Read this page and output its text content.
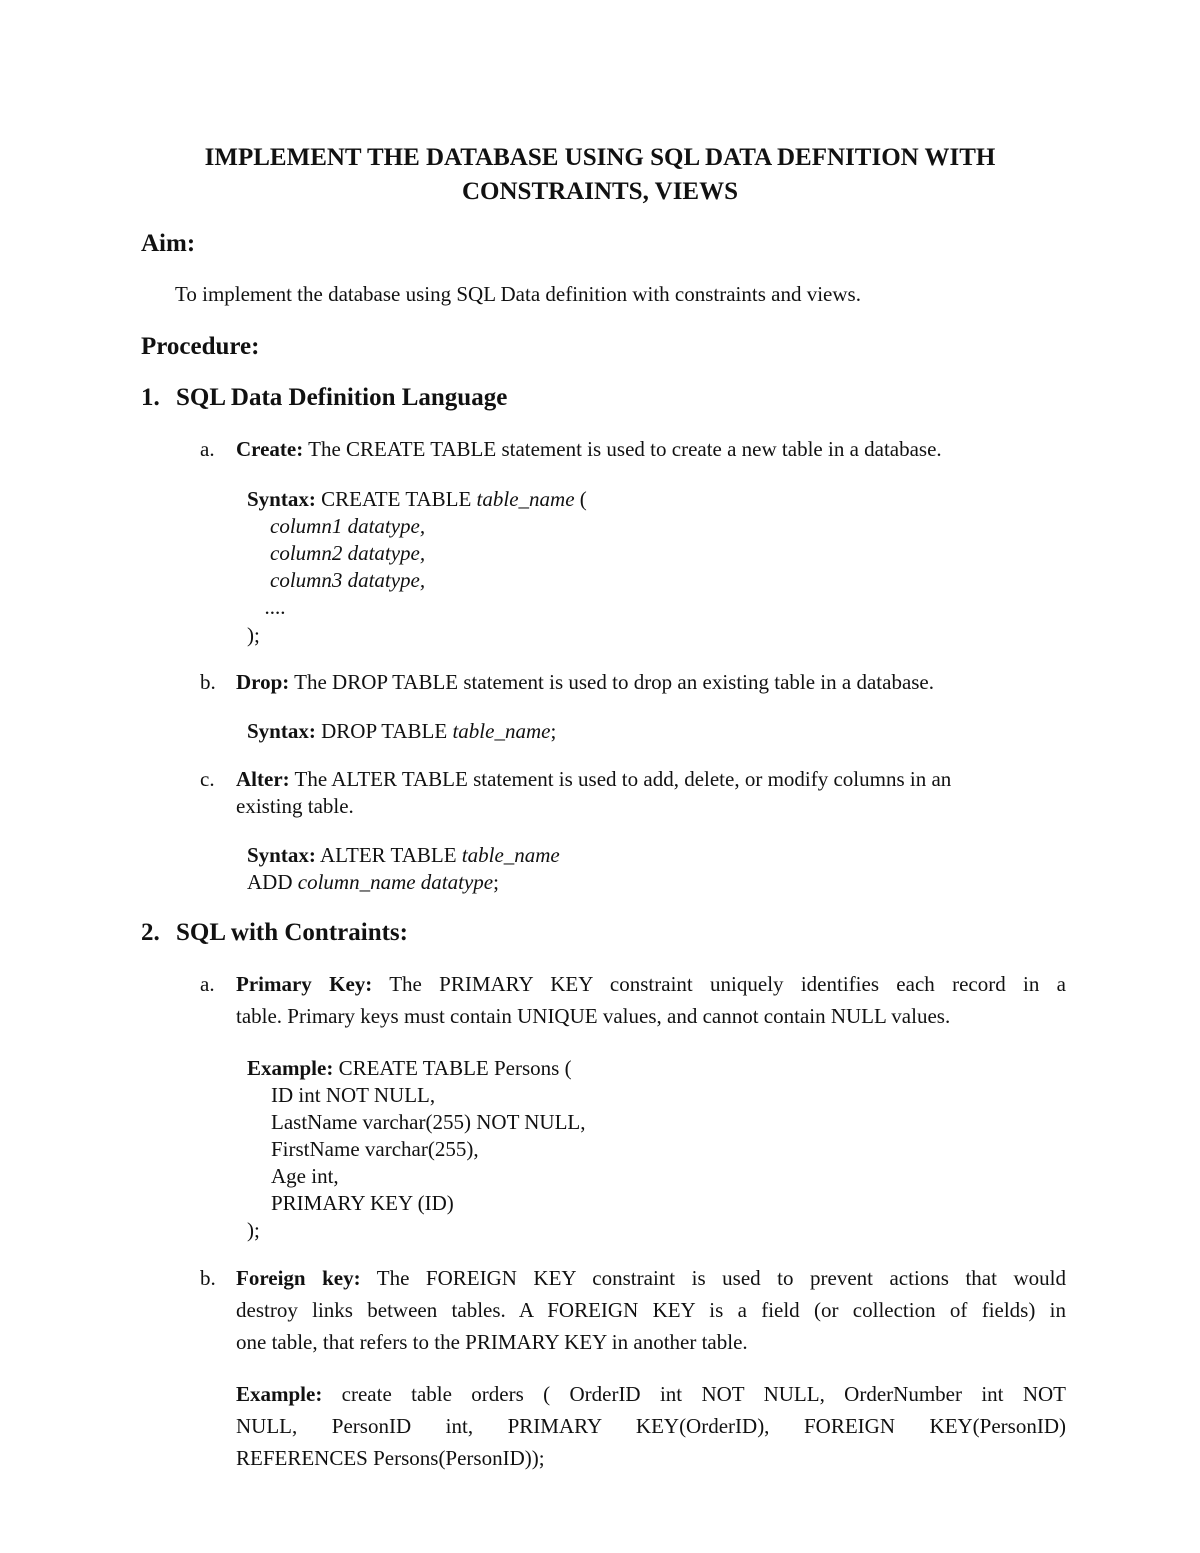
IMPLEMENT THE DATABASE USING SQL DATA DEFNITION WITH
CONSTRAINTS, VIEWS
Aim:
To implement the database using SQL Data definition with constraints and views.
Procedure:
1. SQL Data Definition Language
a. Create: The CREATE TABLE statement is used to create a new table in a database.
Syntax: CREATE TABLE table_name (
column1 datatype,
column2 datatype,
column3 datatype,
....
);
b. Drop: The DROP TABLE statement is used to drop an existing table in a database.
Syntax: DROP TABLE table_name;
c. Alter: The ALTER TABLE statement is used to add, delete, or modify columns in an
existing table.
Syntax: ALTER TABLE table_name
ADD column_name datatype;
2. SQL with Contraints:
a. Primary Key: The PRIMARY KEY constraint uniquely identifies each record in a
table. Primary keys must contain UNIQUE values, and cannot contain NULL values.
Example: CREATE TABLE Persons (
ID int NOT NULL,
LastName varchar(255) NOT NULL,
FirstName varchar(255),
Age int,
PRIMARY KEY (ID)
);
b. Foreign key: The FOREIGN KEY constraint is used to prevent actions that would
destroy links between tables. A FOREIGN KEY is a field (or collection of fields) in
one table, that refers to the PRIMARY KEY in another table.
Example: create table orders ( OrderID int NOT NULL, OrderNumber int NOT
NULL, PersonID int, PRIMARY KEY(OrderID), FOREIGN KEY(PersonID)
REFERENCES Persons(PersonID));
